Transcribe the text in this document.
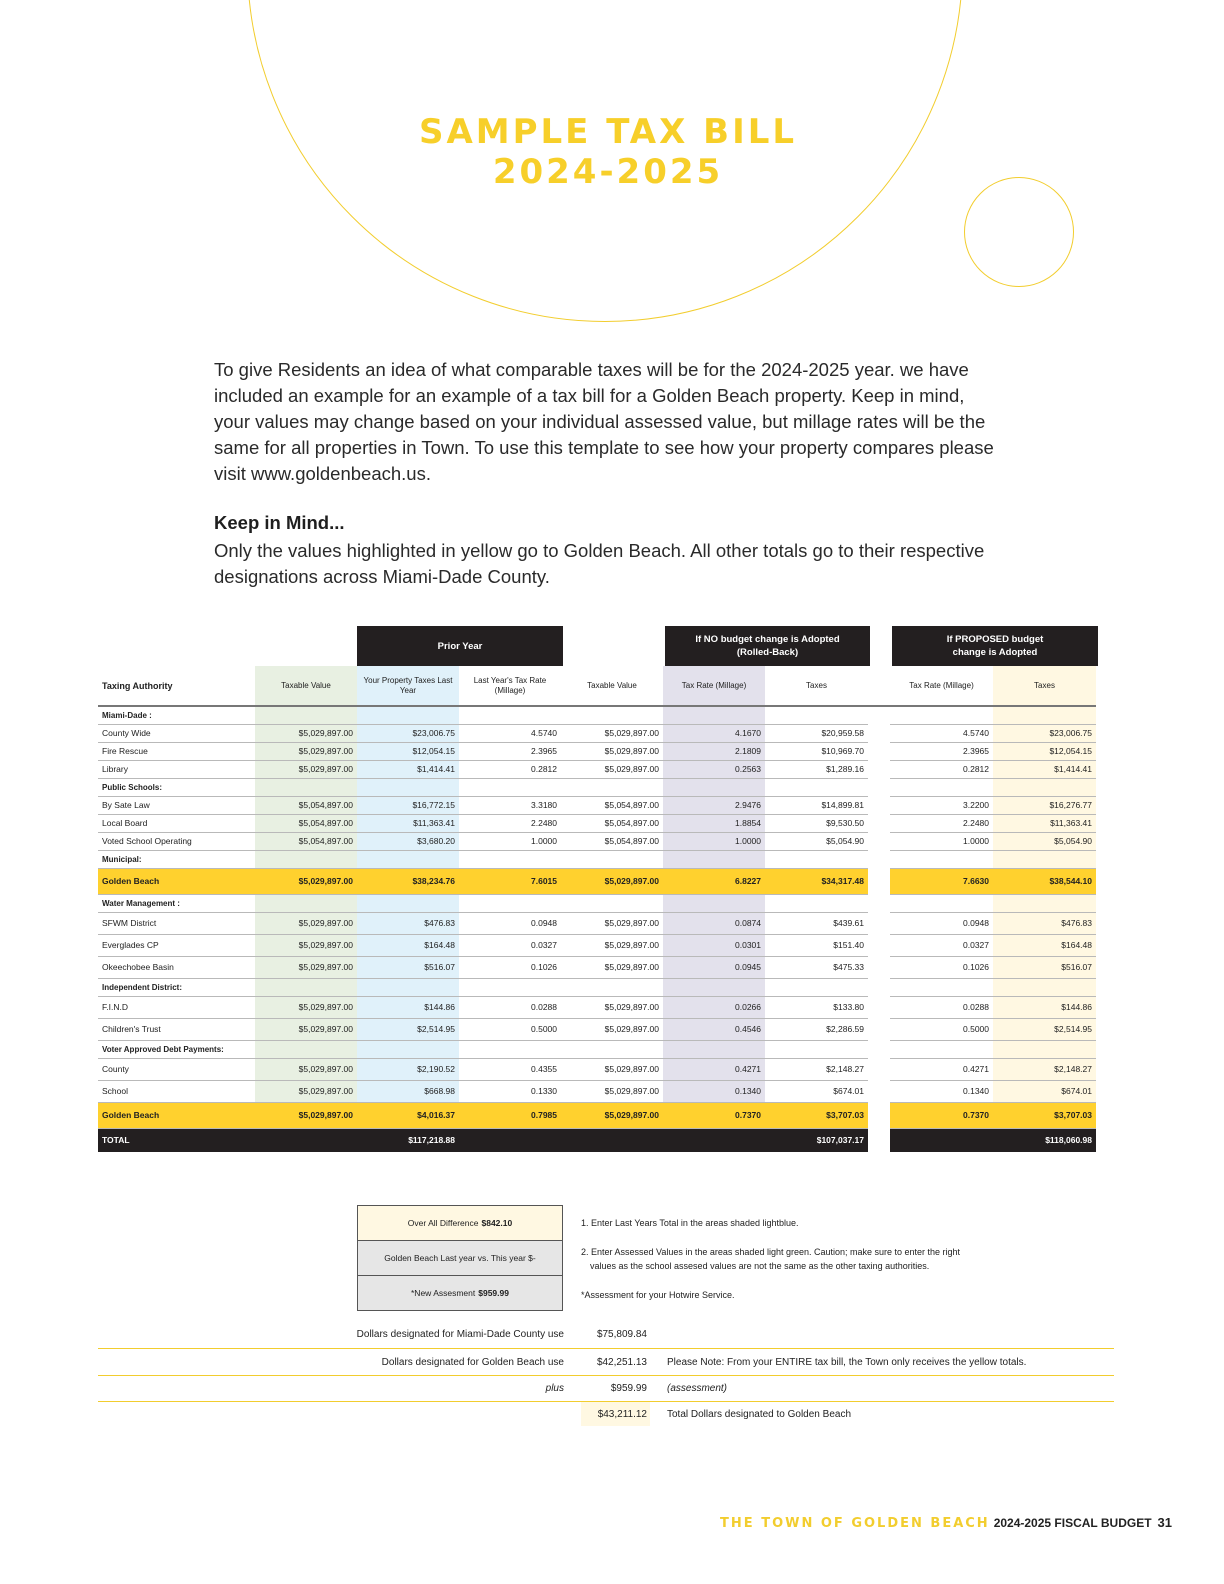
SAMPLE TAX BILL
2024-2025

To give Residents an idea of what comparable taxes will be for the 2024-2025 year. we have included an example for an example of a tax bill for a Golden Beach property. Keep in mind, your values may change based on your individual assessed value, but millage rates will be the same for all properties in Town. To use this template to see how your property compares please visit www.goldenbeach.us.

Keep in Mind...

Only the values highlighted in yellow go to Golden Beach. All other totals go to their respective designations across Miami-Dade County.

Prior Year
If NO budget change is Adopted (Rolled-Back)
If PROPOSED budget change is Adopted
Taxing Authority	Taxable Value	Your Property Taxes Last Year	Last Year's Tax Rate (Millage)	Taxable Value	Tax Rate (Millage)	Taxes		Tax Rate (Millage)	Taxes
Miami-Dade :									
County Wide	$5,029,897.00	$23,006.75	4.5740	$5,029,897.00	4.1670	$20,959.58		4.5740	$23,006.75
Fire Rescue	$5,029,897.00	$12,054.15	2.3965	$5,029,897.00	2.1809	$10,969.70		2.3965	$12,054.15
Library	$5,029,897.00	$1,414.41	0.2812	$5,029,897.00	0.2563	$1,289.16		0.2812	$1,414.41
Public Schools:									
By Sate Law	$5,054,897.00	$16,772.15	3.3180	$5,054,897.00	2.9476	$14,899.81		3.2200	$16,276.77
Local Board	$5,054,897.00	$11,363.41	2.2480	$5,054,897.00	1.8854	$9,530.50		2.2480	$11,363.41
Voted School Operating	$5,054,897.00	$3,680.20	1.0000	$5,054,897.00	1.0000	$5,054.90		1.0000	$5,054.90
Municipal:									
Golden Beach	$5,029,897.00	$38,234.76	7.6015	$5,029,897.00	6.8227	$34,317.48		7.6630	$38,544.10
Water Management :									
SFWM District	$5,029,897.00	$476.83	0.0948	$5,029,897.00	0.0874	$439.61		0.0948	$476.83
Everglades CP	$5,029,897.00	$164.48	0.0327	$5,029,897.00	0.0301	$151.40		0.0327	$164.48
Okeechobee Basin	$5,029,897.00	$516.07	0.1026	$5,029,897.00	0.0945	$475.33		0.1026	$516.07
Independent District:									
F.I.N.D	$5,029,897.00	$144.86	0.0288	$5,029,897.00	0.0266	$133.80		0.0288	$144.86
Children's Trust	$5,029,897.00	$2,514.95	0.5000	$5,029,897.00	0.4546	$2,286.59		0.5000	$2,514.95
Voter Approved Debt Payments:									
County	$5,029,897.00	$2,190.52	0.4355	$5,029,897.00	0.4271	$2,148.27		0.4271	$2,148.27
School	$5,029,897.00	$668.98	0.1330	$5,029,897.00	0.1340	$674.01		0.1340	$674.01
Golden Beach	$5,029,897.00	$4,016.37	0.7985	$5,029,897.00	0.7370	$3,707.03		0.7370	$3,707.03
TOTAL		$117,218.88				$107,037.17			$118,060.98
Over All Difference $842.10
Golden Beach Last year vs. This year $-
*New Assesment $959.99
1. Enter Last Years Total in the areas shaded lightblue.
2. Enter Assessed Values in the areas shaded light green. Caution; make sure to enter the right
values as the school assesed values are not the same as the other taxing authorities.
*Assessment for your Hotwire Service.
Dollars designated for Miami-Dade County use	$75,809.84
Dollars designated for Golden Beach use	$42,251.13 Please Note: From your ENTIRE tax bill, the Town only receives the yellow totals.
plus	$959.99 (assessment)
$43,211.12 Total Dollars designated to Golden Beach
THE TOWN OF GOLDEN BEACH 2024-2025 FISCAL BUDGET 31
